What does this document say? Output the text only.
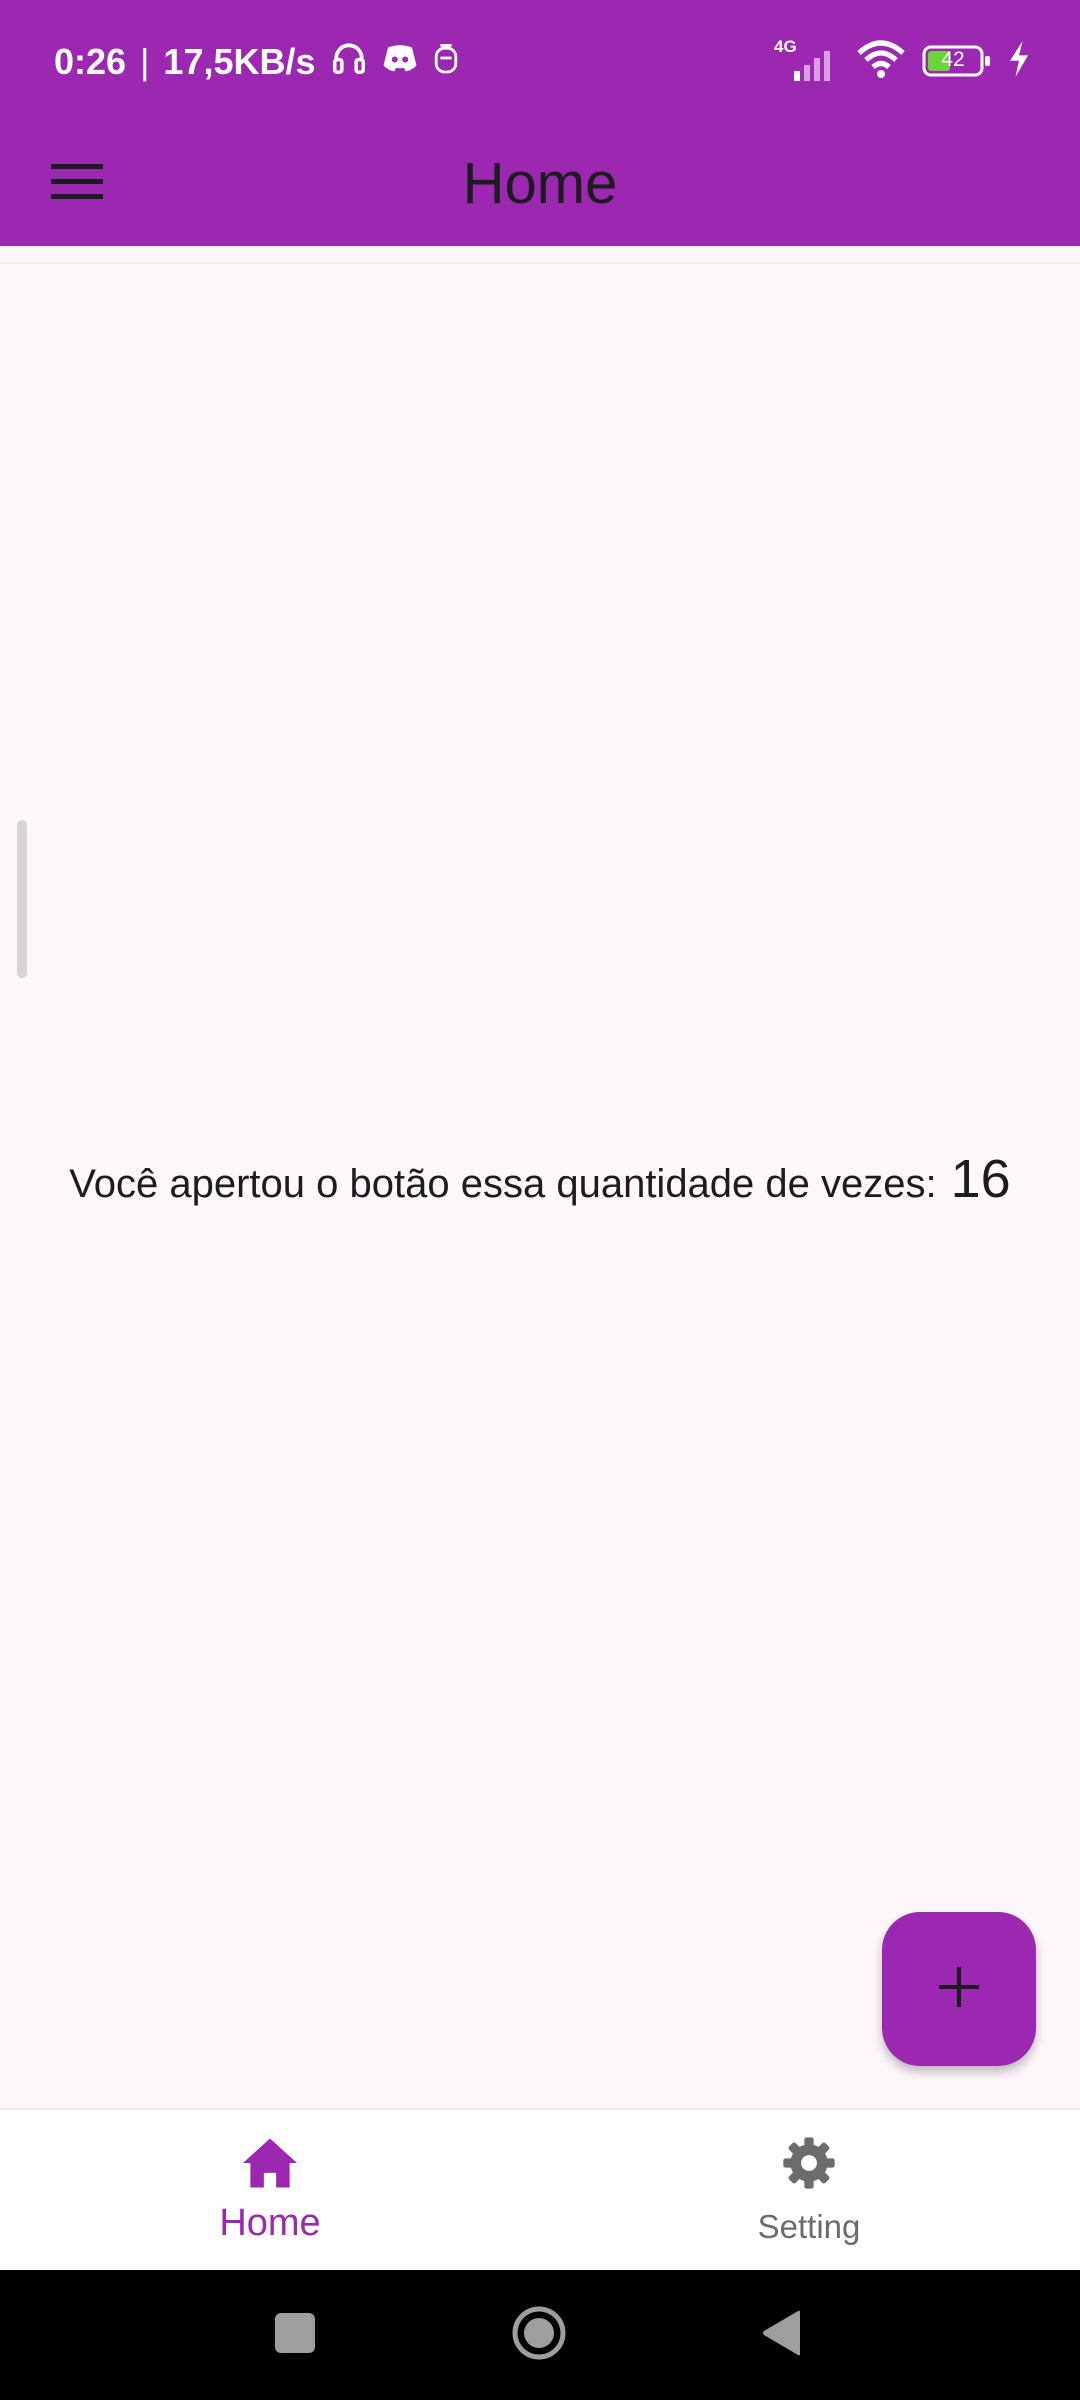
0:26 | 17,5KB/s	4G
42
Home
Você apertou o botão essa quantidade de vezes: 16
Home	Setting
